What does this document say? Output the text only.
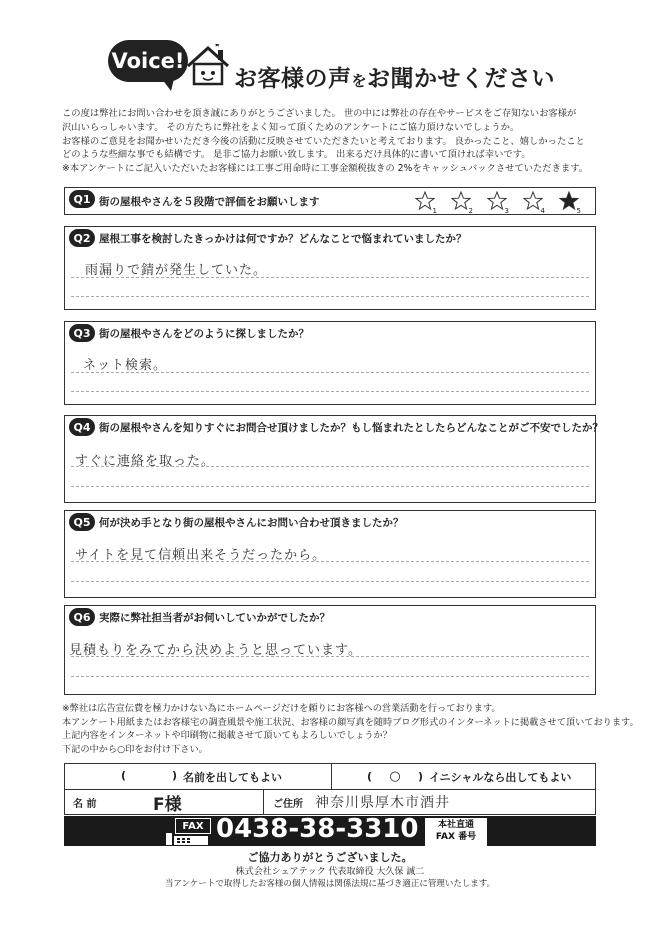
Voice!
お客様の声をお聞かせください
この度は弊社にお問い合わせを頂き誠にありがとうございました。 世の中には弊社の存在やサービスをご存知ないお客様が
沢山いらっしゃいます。 その方たちに弊社をよく知って頂くためのアンケートにご協力頂けないでしょうか。
お客様のご意見をお聞かせいただき今後の活動に反映させていただきたいと考えております。 良かったこと、嬉しかったこと
どのような些細な事でも結構です。 是非ご協力お願い致します。 出来るだけ具体的に書いて頂ければ幸いです。
※本アンケートにご記入いただいたお客様には工事ご用命時に工事金額税抜きの 2%をキャッシュバックさせていただきます。
Q1 街の屋根やさんを５段階で評価をお願いします
1	2	3	4	5
Q2 屋根工事を検討したきっかけは何ですか？どんなことで悩まれていましたか？
雨漏りで錆が発生していた。
Q3 街の屋根やさんをどのように探しましたか？
ネット検索。
Q4 街の屋根やさんを知りすぐにお問合せ頂けましたか？もし悩まれたとしたらどんなことがご不安でしたか？
すぐに連絡を取った。
Q5 何が決め手となり街の屋根やさんにお問い合わせ頂きましたか？
サイトを見て信頼出来そうだったから。
Q6 実際に弊社担当者がお伺いしていかがでしたか？
見積もりをみてから決めようと思っています。
※弊社は広告宣伝費を極力かけない為にホームページだけを頼りにお客様への営業活動を行っております。
本アンケート用紙またはお客様宅の調査風景や施工状況、お客様の顔写真を随時ブログ形式のインターネットに掲載させて頂いております。
上記内容をインターネットや印刷物に掲載させて頂いてもよろしいでしょうか？
下記の中から○印をお付け下さい。
(	) 名前を出してもよい	( ○ ) イニシャルなら出してもよい
名 前	F様	ご住所 神奈川県厚木市酒井
FAX 0438-38-3310	本社直通
FAX 番号
ご協力ありがとうございました。
株式会社シェアテック 代表取締役 大久保 誠二
当アンケートで取得したお客様の個人情報は関係法規に基づき適正に管理いたします。
